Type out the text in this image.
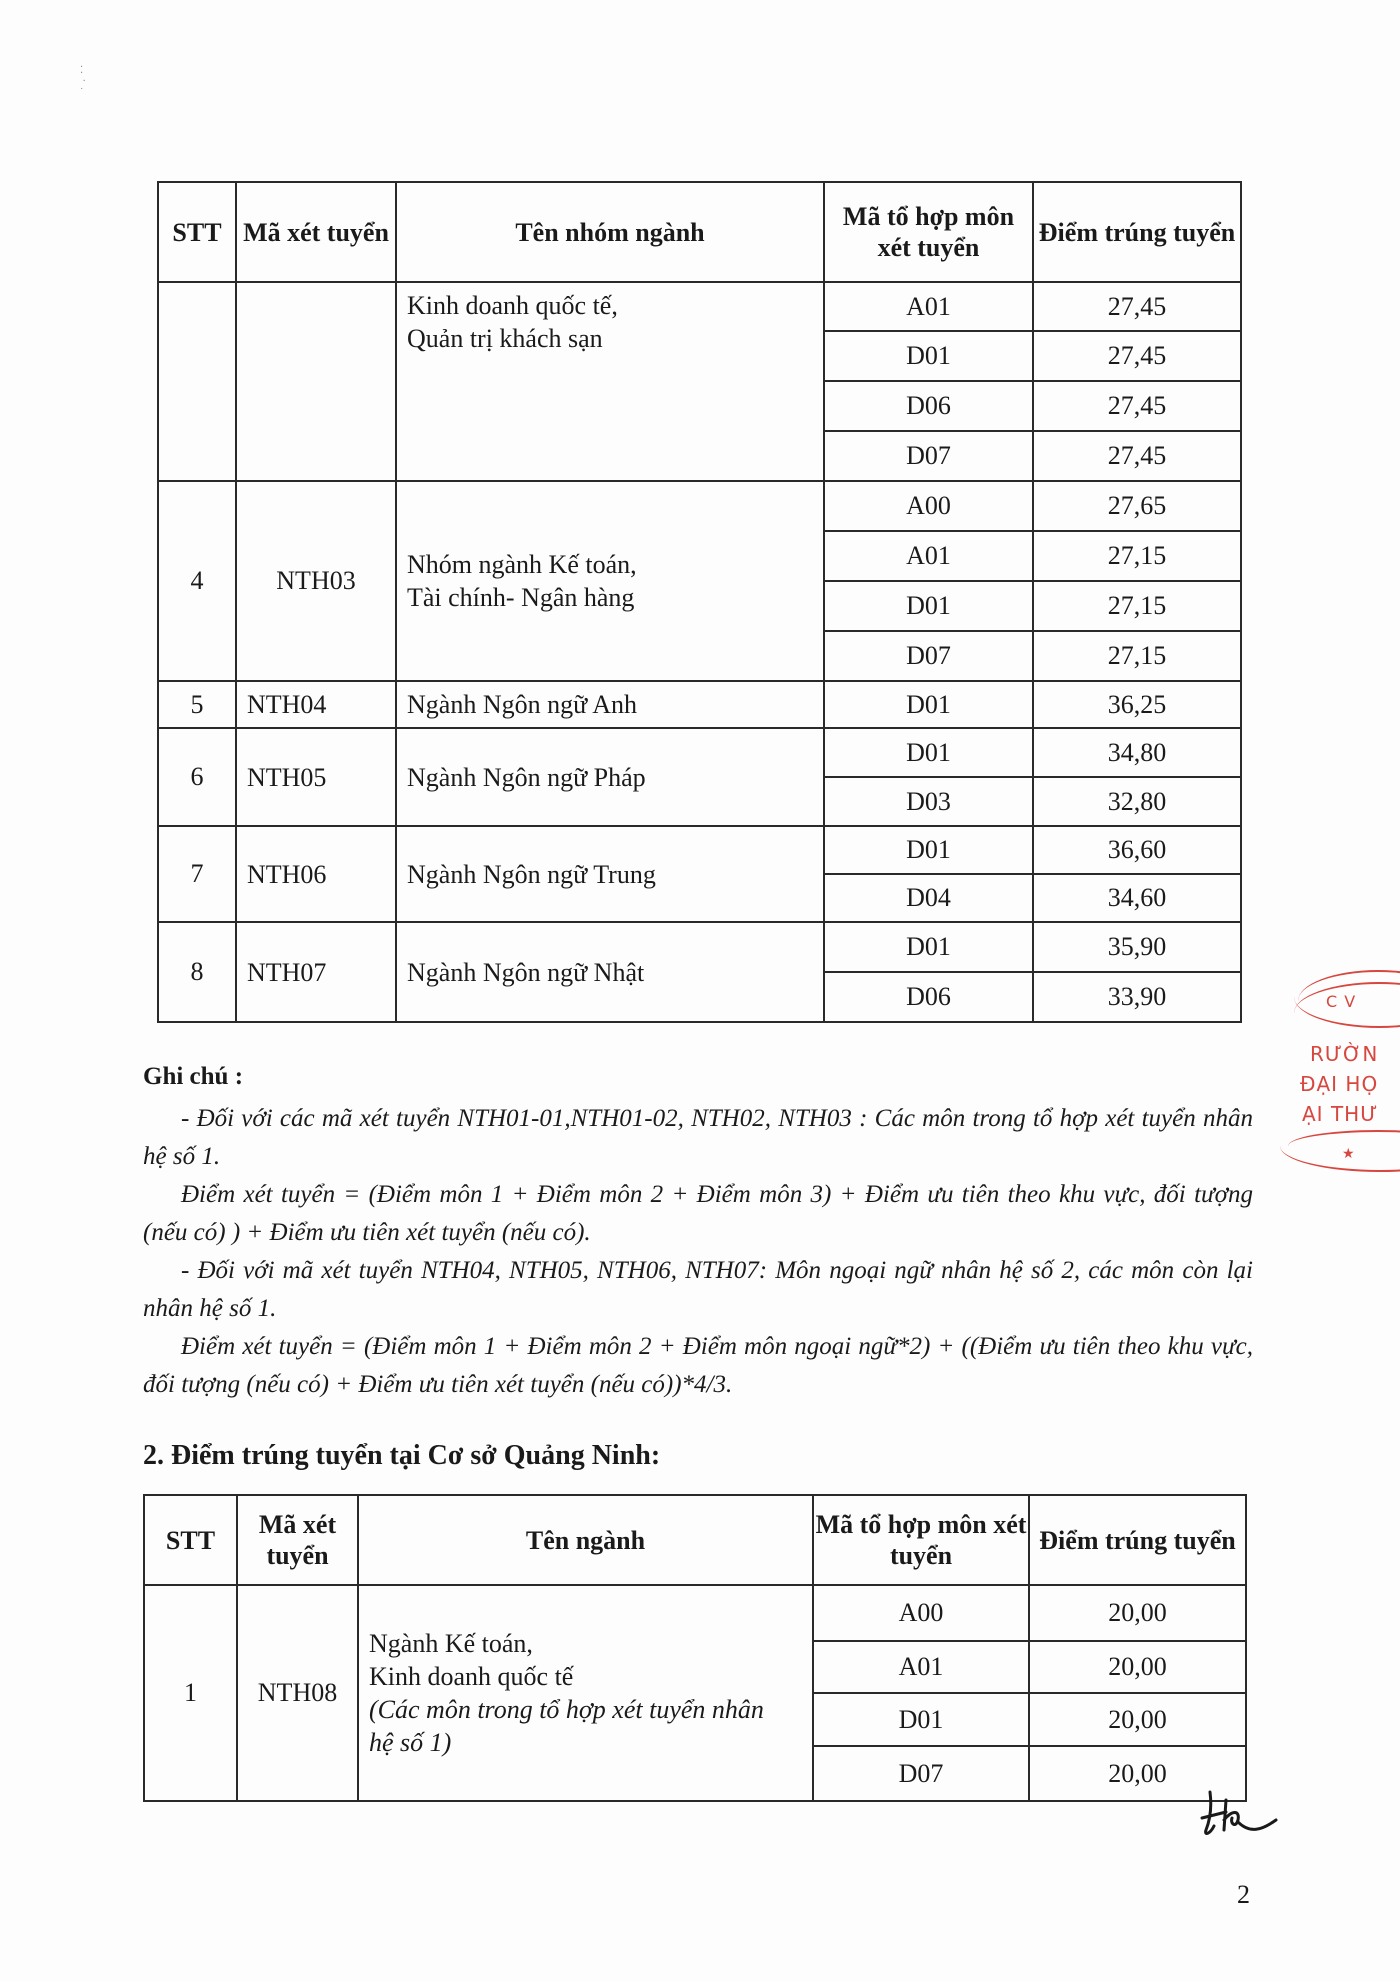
⁚
·
˙
STT	Mã xét tuyển	Tên nhóm ngành	Mã tổ hợp môn xét tuyển	Điểm trúng tuyển

		Kinh doanh quốc tế,
Quản trị khách sạn	A01	27,45
			D01	27,45
			D06	27,45
			D07	27,45
4	NTH03	Nhóm ngành Kế toán,
Tài chính- Ngân hàng	A00	27,65
			A01	27,15
			D01	27,15
			D07	27,15
5	NTH04	Ngành Ngôn ngữ Anh	D01	36,25
6	NTH05	Ngành Ngôn ngữ Pháp	D01	34,80
			D03	32,80
7	NTH06	Ngành Ngôn ngữ Trung	D01	36,60
			D04	34,60
8	NTH07	Ngành Ngôn ngữ Nhật	D01	35,90
			D06	33,90
Ghi chú :

- Đối với các mã xét tuyển NTH01-01,NTH01-02, NTH02, NTH03 : Các môn trong tổ hợp xét tuyển nhân hệ số 1.

Điểm xét tuyển = (Điểm môn 1 + Điểm môn 2 + Điểm môn 3) + Điểm ưu tiên theo khu vực, đối tượng (nếu có) ) + Điểm ưu tiên xét tuyển (nếu có).

- Đối với mã xét tuyển NTH04, NTH05, NTH06, NTH07: Môn ngoại ngữ nhân hệ số 2, các môn còn lại nhân hệ số 1.

Điểm xét tuyển = (Điểm môn 1 + Điểm môn 2 + Điểm môn ngoại ngữ*2) + ((Điểm ưu tiên theo khu vực, đối tượng (nếu có) + Điểm ưu tiên xét tuyển (nếu có))*4/3.

2. Điểm trúng tuyển tại Cơ sở Quảng Ninh:
STT	Mã xét tuyển	Tên ngành	Mã tổ hợp môn xét tuyển	Điểm trúng tuyển
1	NTH08	Ngành Kế toán,
Kinh doanh quốc tế
(Các môn trong tổ hợp xét tuyển nhân hệ số 1)	A00	20,00
			A01	20,00
			D01	20,00
			D07	20,00
C V
RƯỜN
ĐẠI HỌ
ẠI THƯ
★
2
